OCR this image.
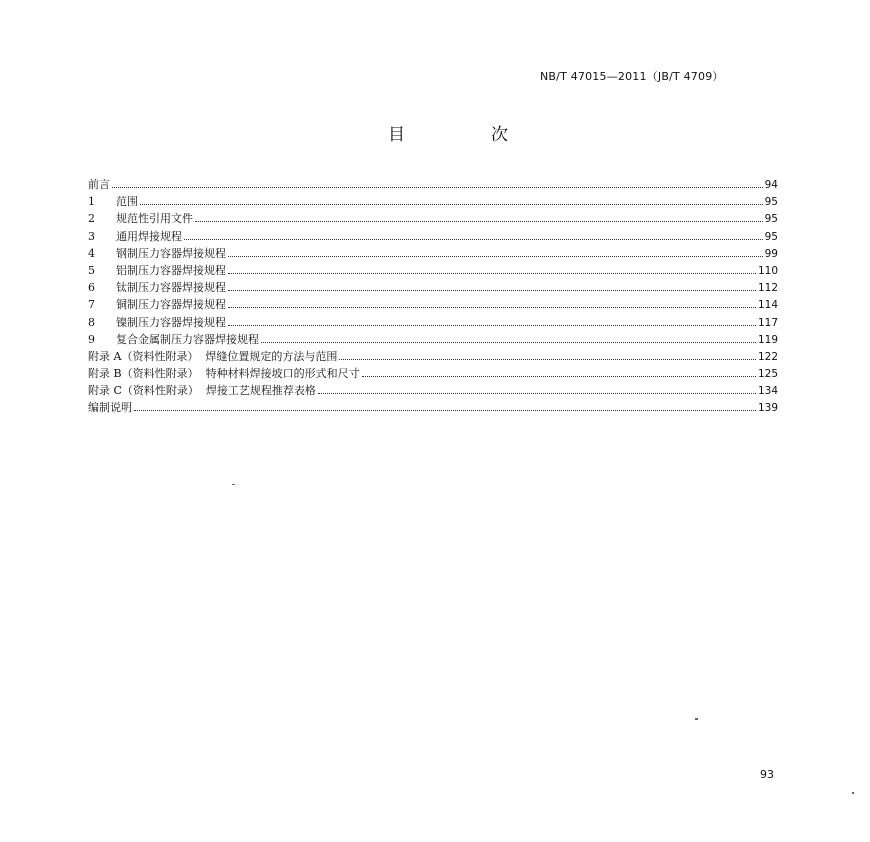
NB/T 47015—2011（JB/T 4709）
目	次
前言	94
1	范围	95
2	规范性引用文件	95
3	通用焊接规程	95
4	钢制压力容器焊接规程	99
5	铝制压力容器焊接规程	110
6	钛制压力容器焊接规程	112
7	铜制压力容器焊接规程	114
8	镍制压力容器焊接规程	117
9	复合金属制压力容器焊接规程	119
附录 A（资料性附录）  焊缝位置规定的方法与范围	122
附录 B（资料性附录）  特种材料焊接坡口的形式和尺寸	125
附录 C（资料性附录）  焊接工艺规程推荐表格	134
编制说明	139
93
